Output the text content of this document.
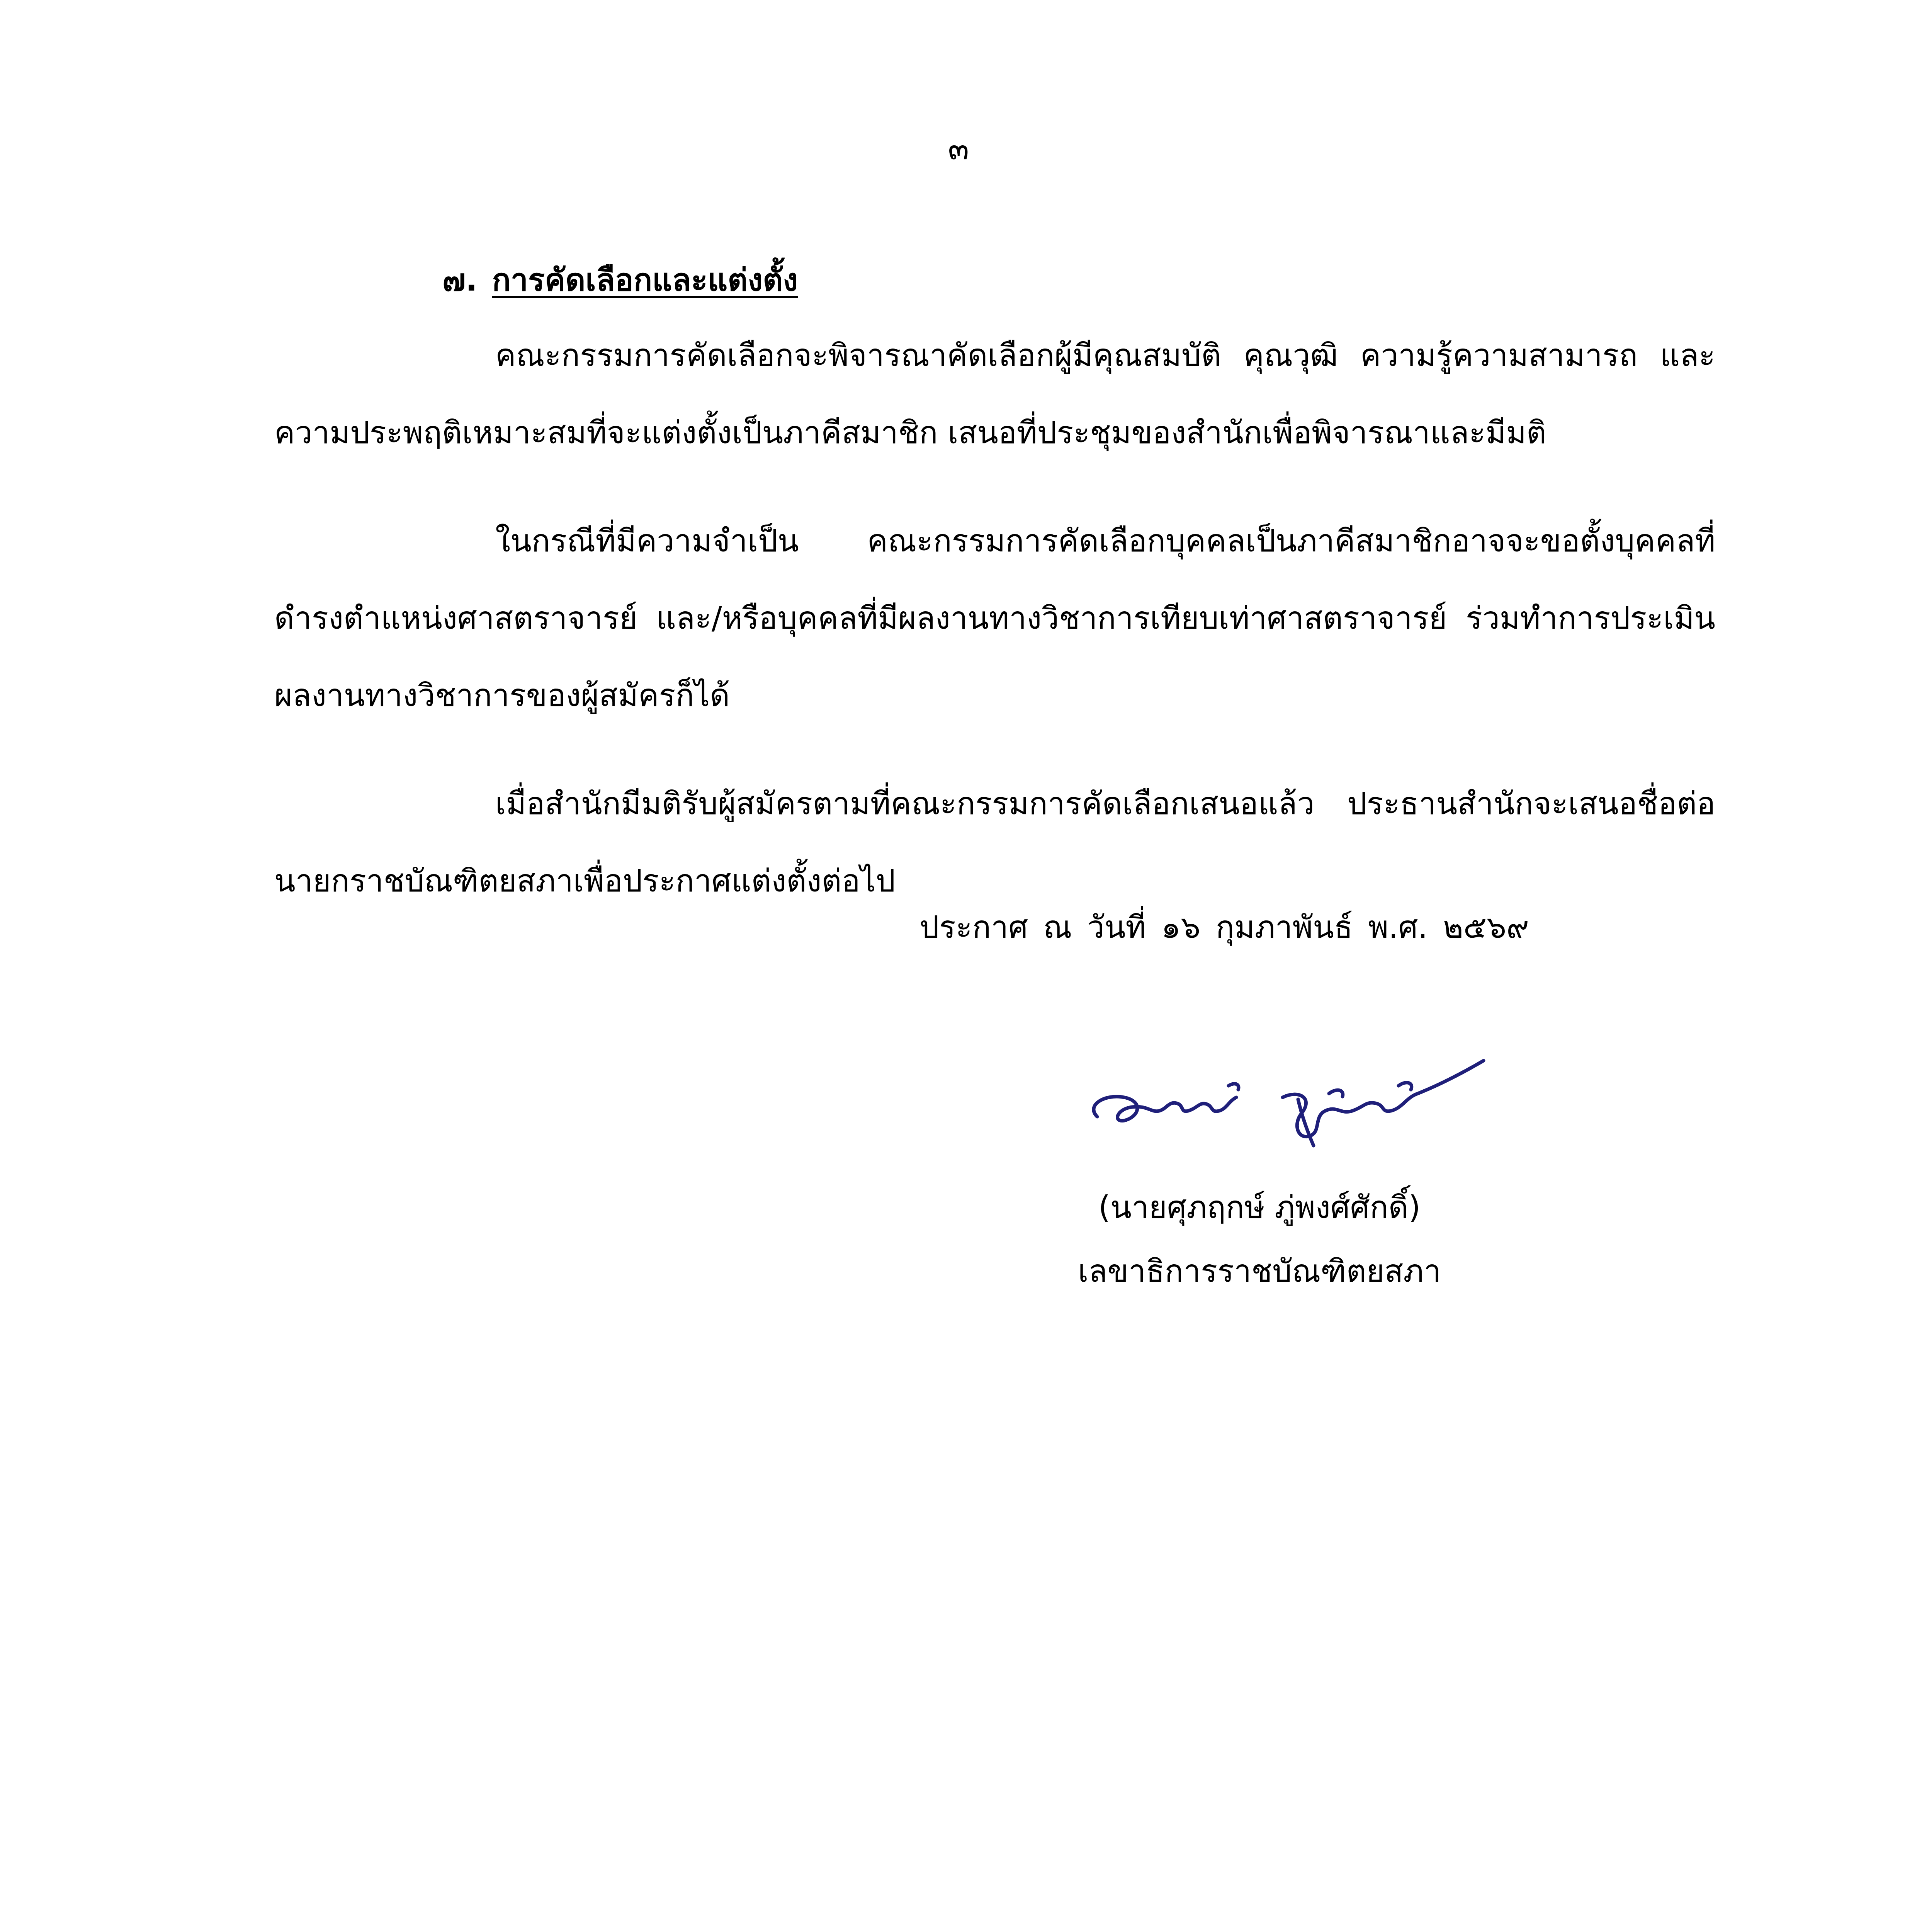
๓
๗. การคัดเลือกและแต่งตั้ง

คณะกรรมการคัดเลือกจะพิจารณาคัดเลือกผู้มีคุณสมบัติ คุณวุฒิ ความรู้ความสามารถ และความประพฤติเหมาะสมที่จะแต่งตั้งเป็นภาคีสมาชิก เสนอที่ประชุมของสำนักเพื่อพิจารณาและมีมติ

ในกรณีที่มีความจำเป็น คณะกรรมการคัดเลือกบุคคลเป็นภาคีสมาชิกอาจจะขอตั้งบุคคลที่ดำรงตำแหน่งศาสตราจารย์ และ/หรือบุคคลที่มีผลงานทางวิชาการเทียบเท่าศาสตราจารย์ ร่วมทำการประเมินผลงานทางวิชาการของผู้สมัครก็ได้

เมื่อสำนักมีมติรับผู้สมัครตามที่คณะกรรมการคัดเลือกเสนอแล้ว ประธานสำนักจะเสนอชื่อต่อนายกราชบัณฑิตยสภาเพื่อประกาศแต่งตั้งต่อไป

ประกาศ ณ วันที่ ๑๖ กุมภาพันธ์ พ.ศ. ๒๕๖๙
(นายศุภฤกษ์ ภู่พงศ์ศักดิ์)
เลขาธิการราชบัณฑิตยสภา
